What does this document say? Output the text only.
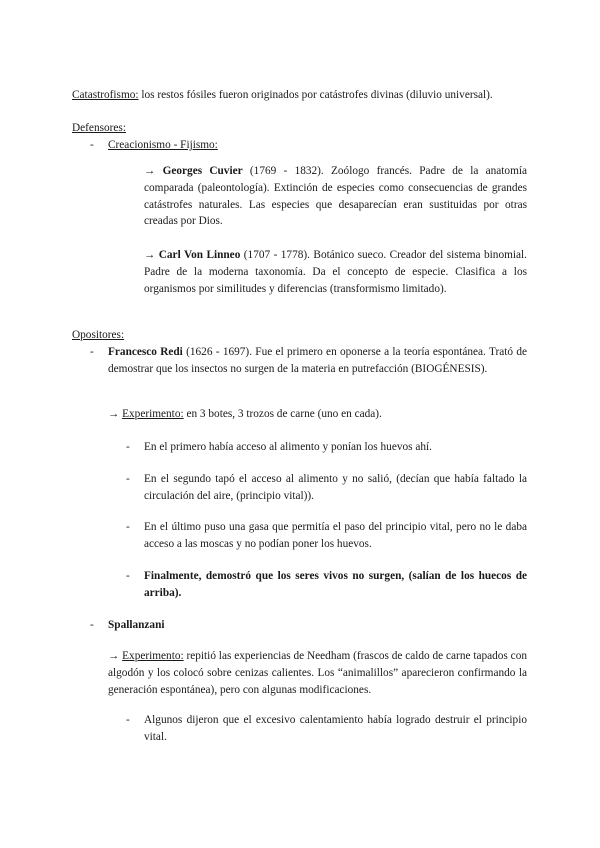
Catastrofismo: los restos fósiles fueron originados por catástrofes divinas (diluvio universal).

Defensores:

- Creacionismo - Fijismo:

→ Georges Cuvier (1769 - 1832). Zoólogo francés. Padre de la anatomía comparada (paleontología). Extinción de especies como consecuencias de grandes catástrofes naturales. Las especies que desaparecían eran sustituidas por otras creadas por Dios.

→ Carl Von Linneo (1707 - 1778). Botánico sueco. Creador del sistema binomial. Padre de la moderna taxonomía. Da el concepto de especie. Clasifica a los organismos por similitudes y diferencias (transformismo limitado).

Opositores:

- Francesco Redi (1626 - 1697). Fue el primero en oponerse a la teoría espontánea. Trató de demostrar que los insectos no surgen de la materia en putrefacción (BIOGÉNESIS).

→ Experimento: en 3 botes, 3 trozos de carne (uno en cada).

- En el primero había acceso al alimento y ponían los huevos ahí.

- En el segundo tapó el acceso al alimento y no salió, (decían que había faltado la circulación del aire, (principio vital)).

- En el último puso una gasa que permitía el paso del principio vital, pero no le daba acceso a las moscas y no podían poner los huevos.

- Finalmente, demostró que los seres vivos no surgen, (salían de los huecos de arriba).

- Spallanzani

→ Experimento: repitió las experiencias de Needham (frascos de caldo de carne tapados con algodón y los colocó sobre cenizas calientes. Los “animalillos” aparecieron confirmando la generación espontánea), pero con algunas modificaciones.

- Algunos dijeron que el excesivo calentamiento había logrado destruir el principio vital.
